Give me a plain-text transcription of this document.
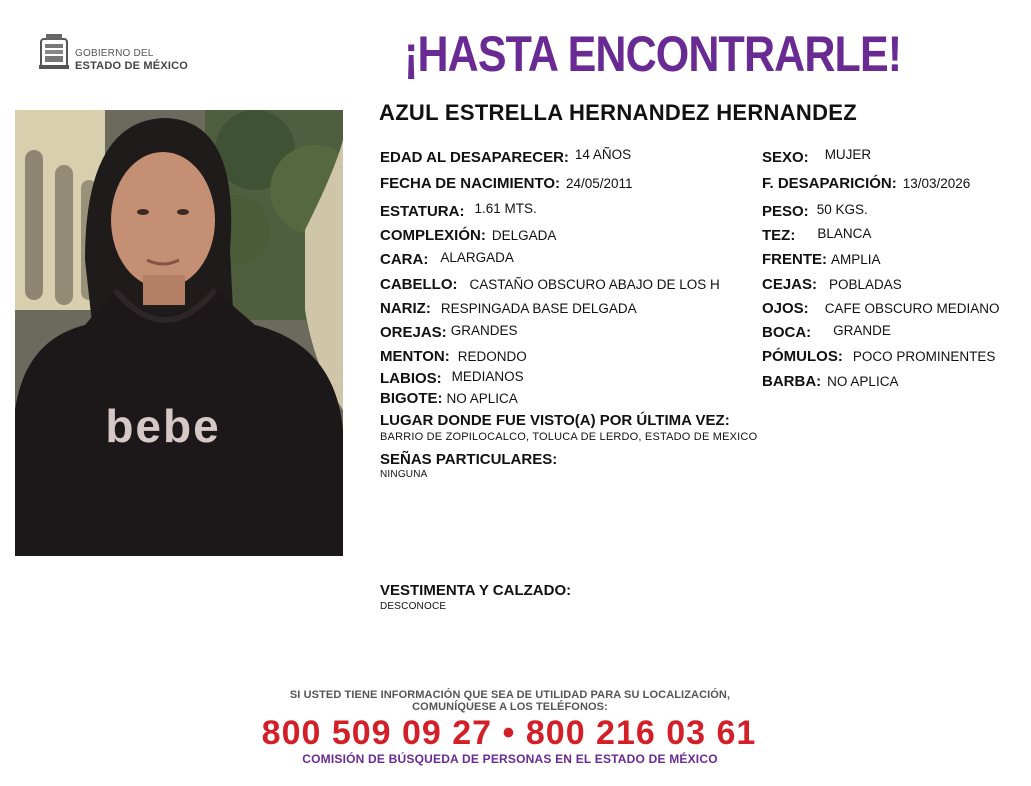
GOBIERNO DEL
ESTADO DE MÉXICO	¡HASTA ENCONTRARLE!
bebe
AZUL ESTRELLA HERNANDEZ HERNANDEZ
EDAD AL DESAPARECER: 14 AÑOS
FECHA DE NACIMIENTO: 24/05/2011
ESTATURA: 1.61 MTS.
COMPLEXIÓN: DELGADA
CARA: ALARGADA
CABELLO: CASTAÑO OBSCURO ABAJO DE LOS H
NARIZ: RESPINGADA BASE DELGADA
OREJAS: GRANDES
MENTON: REDONDO
LABIOS: MEDIANOS
BIGOTE: NO APLICA
SEXO: MUJER
F. DESAPARICIÓN: 13/03/2026
PESO: 50 KGS.
TEZ: BLANCA
FRENTE: AMPLIA
CEJAS: POBLADAS
OJOS: CAFE OBSCURO MEDIANO
BOCA: GRANDE
PÓMULOS: POCO PROMINENTES
BARBA: NO APLICA
LUGAR DONDE FUE VISTO(A) POR ÚLTIMA VEZ:
BARRIO DE ZOPILOCALCO, TOLUCA DE LERDO, ESTADO DE MEXICO
SEÑAS PARTICULARES:
NINGUNA
VESTIMENTA Y CALZADO:
DESCONOCE
SI USTED TIENE INFORMACIÓN QUE SEA DE UTILIDAD PARA SU LOCALIZACIÓN,
COMUNÍQUESE A LOS TELÉFONOS:
800 509 09 27 • 800 216 03 61
COMISIÓN DE BÚSQUEDA DE PERSONAS EN EL ESTADO DE MÉXICO
